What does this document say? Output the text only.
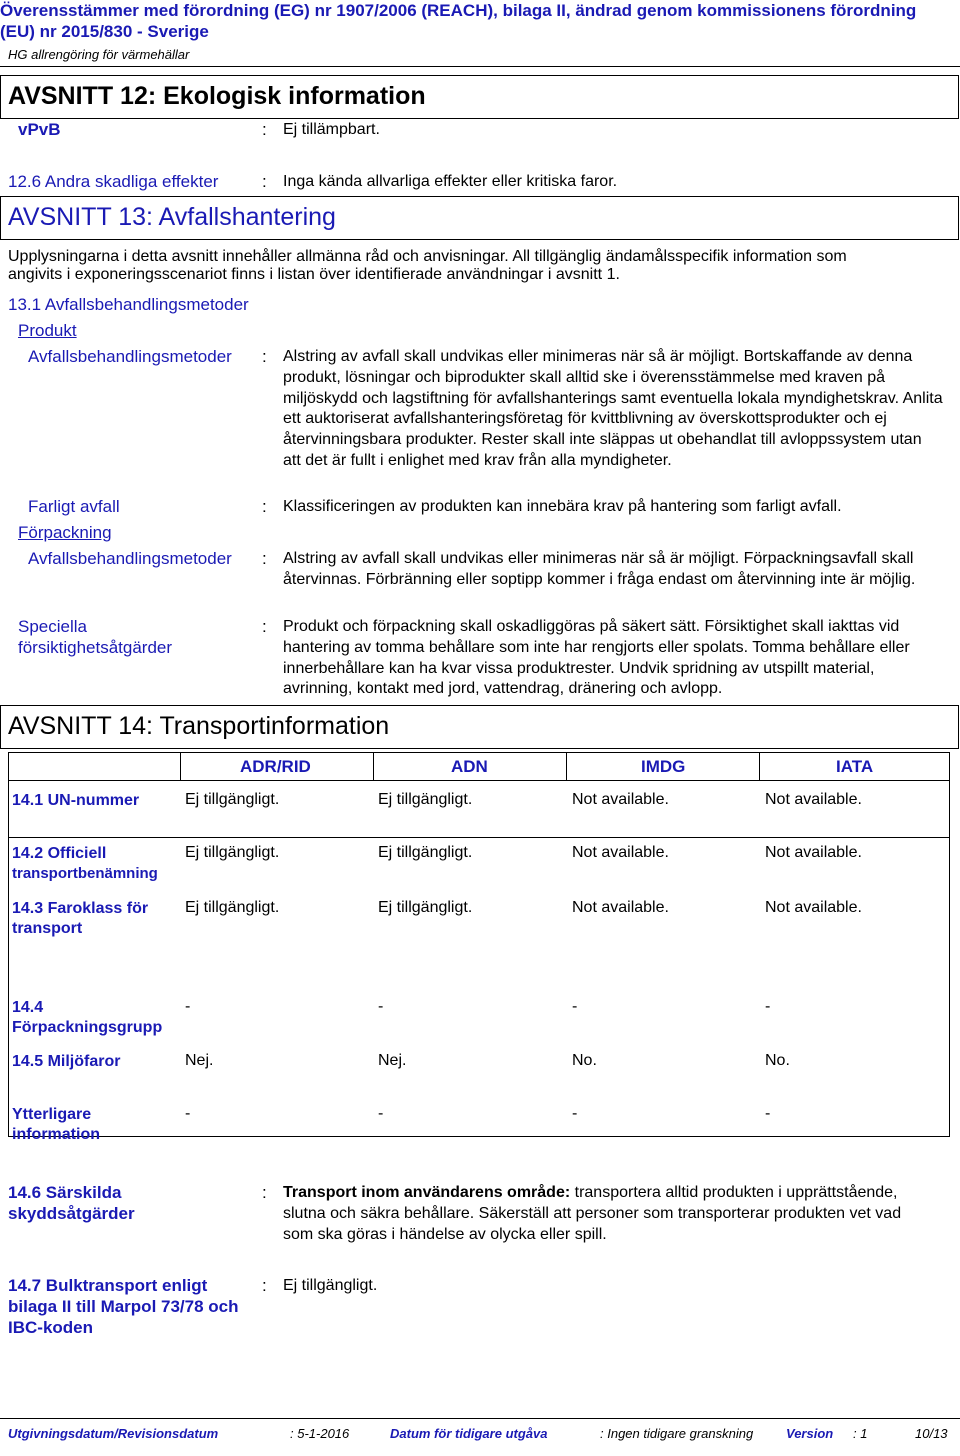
Överensstämmer med förordning (EG) nr 1907/2006 (REACH), bilaga II, ändrad genom kommissionens förordning
(EU) nr 2015/830 - Sverige
HG allrengöring för värmehällar
AVSNITT 12: Ekologisk information
vPvB	: Ej tillämpbart.
12.6 Andra skadliga effekter	: Inga kända allvarliga effekter eller kritiska faror.
AVSNITT 13: Avfallshantering
Upplysningarna i detta avsnitt innehåller allmänna råd och anvisningar. All tillgänglig ändamålsspecifik information som
angivits i exponeringsscenariot finns i listan över identifierade användningar i avsnitt 1.
13.1 Avfallsbehandlingsmetoder
Produkt
Avfallsbehandlingsmetoder : Alstring av avfall skall undvikas eller minimeras när så är möjligt. Bortskaffande av denna produkt, lösningar och biprodukter skall alltid ske i överensstämmelse med kraven på miljöskydd och lagstiftning för avfallshanterings samt eventuella lokala myndighetskrav. Anlita ett auktoriserat avfallshanteringsföretag för kvittblivning av överskottsprodukter och ej återvinningsbara produkter. Rester skall inte släppas ut obehandlat till avloppssystem utan att det är fullt i enlighet med krav från alla myndigheter.
Farligt avfall	: Klassificeringen av produkten kan innebära krav på hantering som farligt avfall.
Förpackning
Avfallsbehandlingsmetoder : Alstring av avfall skall undvikas eller minimeras när så är möjligt. Förpackningsavfall skall återvinnas. Förbränning eller soptipp kommer i fråga endast om återvinning inte är möjlig.
Speciella
försiktighetsåtgärder
: Produkt och förpackning skall oskadliggöras på säkert sätt. Försiktighet skall iakttas vid hantering av tomma behållare som inte har rengjorts eller spolats. Tomma behållare eller innerbehållare kan ha kvar vissa produktrester. Undvik spridning av utspillt material, avrinning, kontakt med jord, vattendrag, dränering och avlopp.
AVSNITT 14: Transportinformation
ADR/RID	ADN	IMDG	IATA
14.1 UN-nummer	Ej tillgängligt.	Ej tillgängligt.	Not available.	Not available.
14.2 Officiell
transportbenämning
Ej tillgängligt.	Ej tillgängligt.	Not available.	Not available.
14.3 Faroklass för
transport
Ej tillgängligt.	Ej tillgängligt.	Not available.	Not available.
14.4
Förpackningsgrupp
-	-	-	-
14.5 Miljöfaror	Nej.	Nej.	No.	No.
Ytterligare
information
-	-	-	-
14.6 Särskilda
skyddsåtgärder
: Transport inom användarens område: transportera alltid produkten i upprättstående, slutna och säkra behållare. Säkerställ att personer som transporterar produkten vet vad som ska göras i händelse av olycka eller spill.
14.7 Bulktransport enligt
bilaga II till Marpol 73/78 och
IBC-koden
: Ej tillgängligt.
Utgivningsdatum/Revisionsdatum	: 5-1-2016	Datum för tidigare utgåva	: Ingen tidigare granskning	Version : 1	10/13
